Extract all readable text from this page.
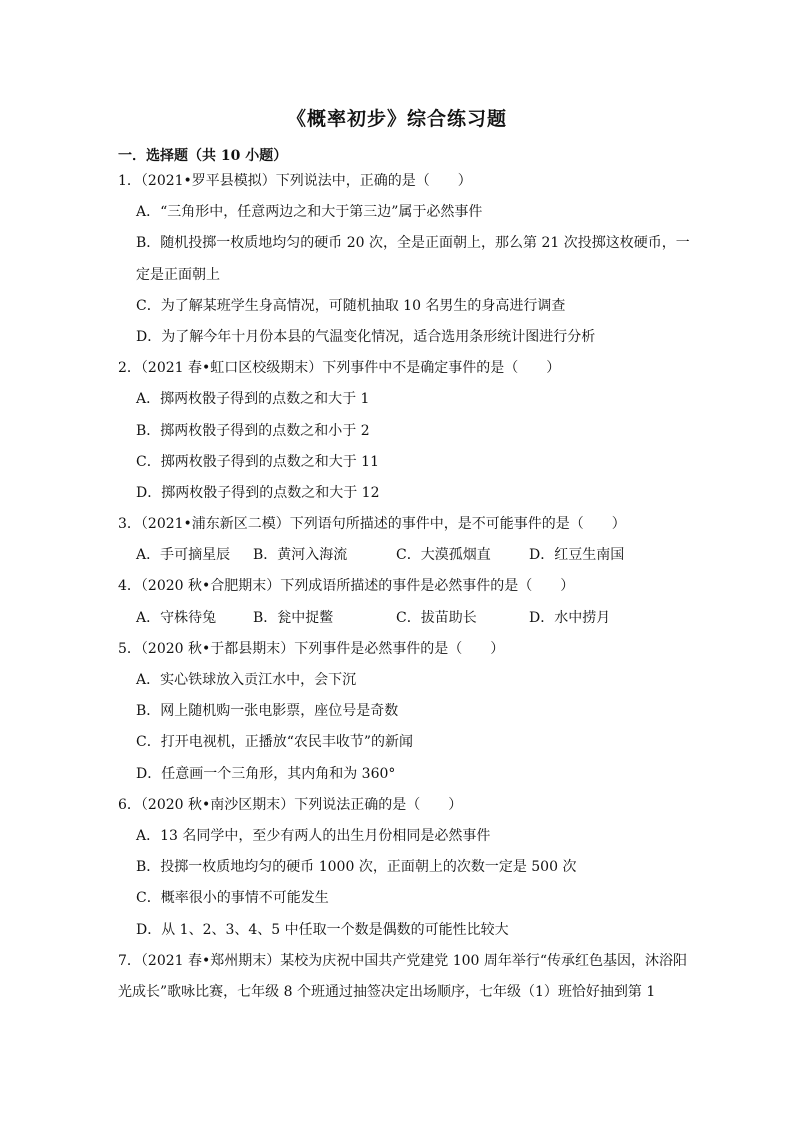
《概率初步》综合练习题
一．选择题（共 10 小题）
1．（2021•罗平县模拟）下列说法中，正确的是（　　）
A．“三角形中，任意两边之和大于第三边”属于必然事件
B．随机投掷一枚质地均匀的硬币 20 次，全是正面朝上，那么第 21 次投掷这枚硬币，一
定是正面朝上
C．为了解某班学生身高情况，可随机抽取 10 名男生的身高进行调查
D．为了解今年十月份本县的气温变化情况，适合选用条形统计图进行分析
2．（2021 春•虹口区校级期末）下列事件中不是确定事件的是（　　）
A．掷两枚骰子得到的点数之和大于 1
B．掷两枚骰子得到的点数之和小于 2
C．掷两枚骰子得到的点数之和大于 11
D．掷两枚骰子得到的点数之和大于 12
3．（2021•浦东新区二模）下列语句所描述的事件中，是不可能事件的是（　　）
A．手可摘星辰	B．黄河入海流	C．大漠孤烟直	D．红豆生南国
4．（2020 秋•合肥期末）下列成语所描述的事件是必然事件的是（　　）
A．守株待兔	B．瓮中捉鳖	C．拔苗助长	D．水中捞月
5．（2020 秋•于都县期末）下列事件是必然事件的是（　　）
A．实心铁球放入贡江水中，会下沉
B．网上随机购一张电影票，座位号是奇数
C．打开电视机，正播放“农民丰收节”的新闻
D．任意画一个三角形，其内角和为 360°
6．（2020 秋•南沙区期末）下列说法正确的是（　　）
A．13 名同学中，至少有两人的出生月份相同是必然事件
B．投掷一枚质地均匀的硬币 1000 次，正面朝上的次数一定是 500 次
C．概率很小的事情不可能发生
D．从 1、2、3、4、5 中任取一个数是偶数的可能性比较大
7．（2021 春•郑州期末）某校为庆祝中国共产党建党 100 周年举行“传承红色基因，沐浴阳
光成长”歌咏比赛，七年级 8 个班通过抽签决定出场顺序，七年级（1）班恰好抽到第 1
